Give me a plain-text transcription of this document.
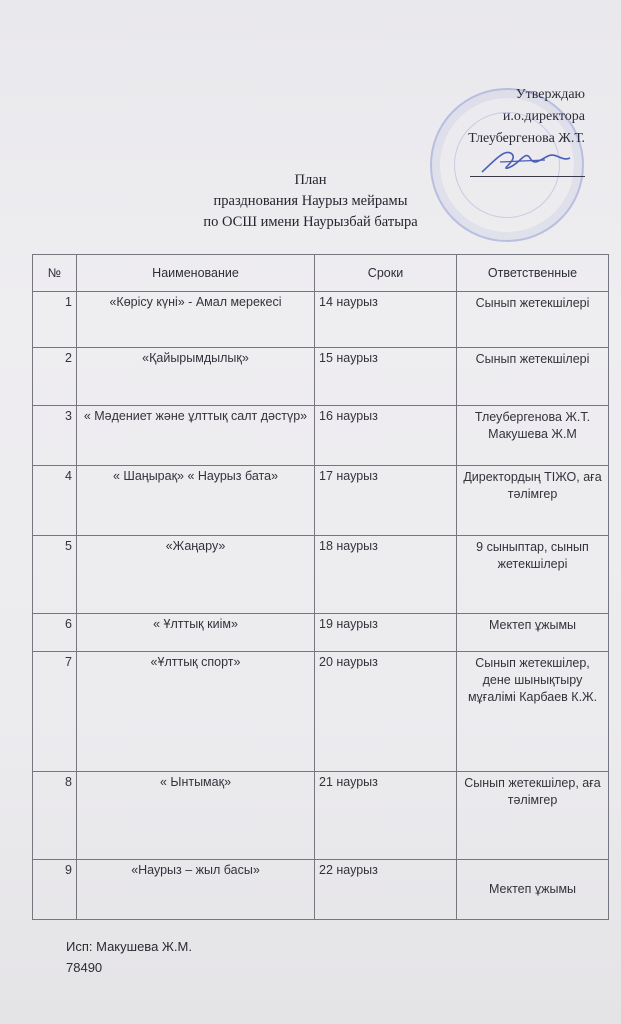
Утверждаю
и.о.директора
Тлеубергенова Ж.Т.
План
празднования Наурыз мейрамы
по ОСШ имени Наурызбай батыра
№	Наименование	Сроки	Ответственные
1	«Көрісу күні» - Амал мерекесі	14 наурыз	Сынып жетекшілері
2	«Қайырымдылық»	15 наурыз	Сынып жетекшілері
3	« Мәдениет және ұлттық салт дәстүр»	16 наурыз	Тлеубергенова Ж.Т. Макушева Ж.М
4	« Шаңырақ» « Наурыз бата»	17 наурыз	Директордың ТІЖО, аға тәлімгер
5	«Жаңару»	18 наурыз	9 сыныптар, сынып жетекшілері
6	« Ұлттық киім»	19 наурыз	Мектеп ұжымы
7	«Ұлттық спорт»	20 наурыз	Сынып жетекшілер, дене шынықтыру мұғалімі Карбаев К.Ж.
8	« Ынтымақ»	21 наурыз	Сынып жетекшілер, аға тәлімгер
9	«Наурыз – жыл басы»	22 наурыз	Мектеп ұжымы
Исп: Макушева Ж.М.
78490
